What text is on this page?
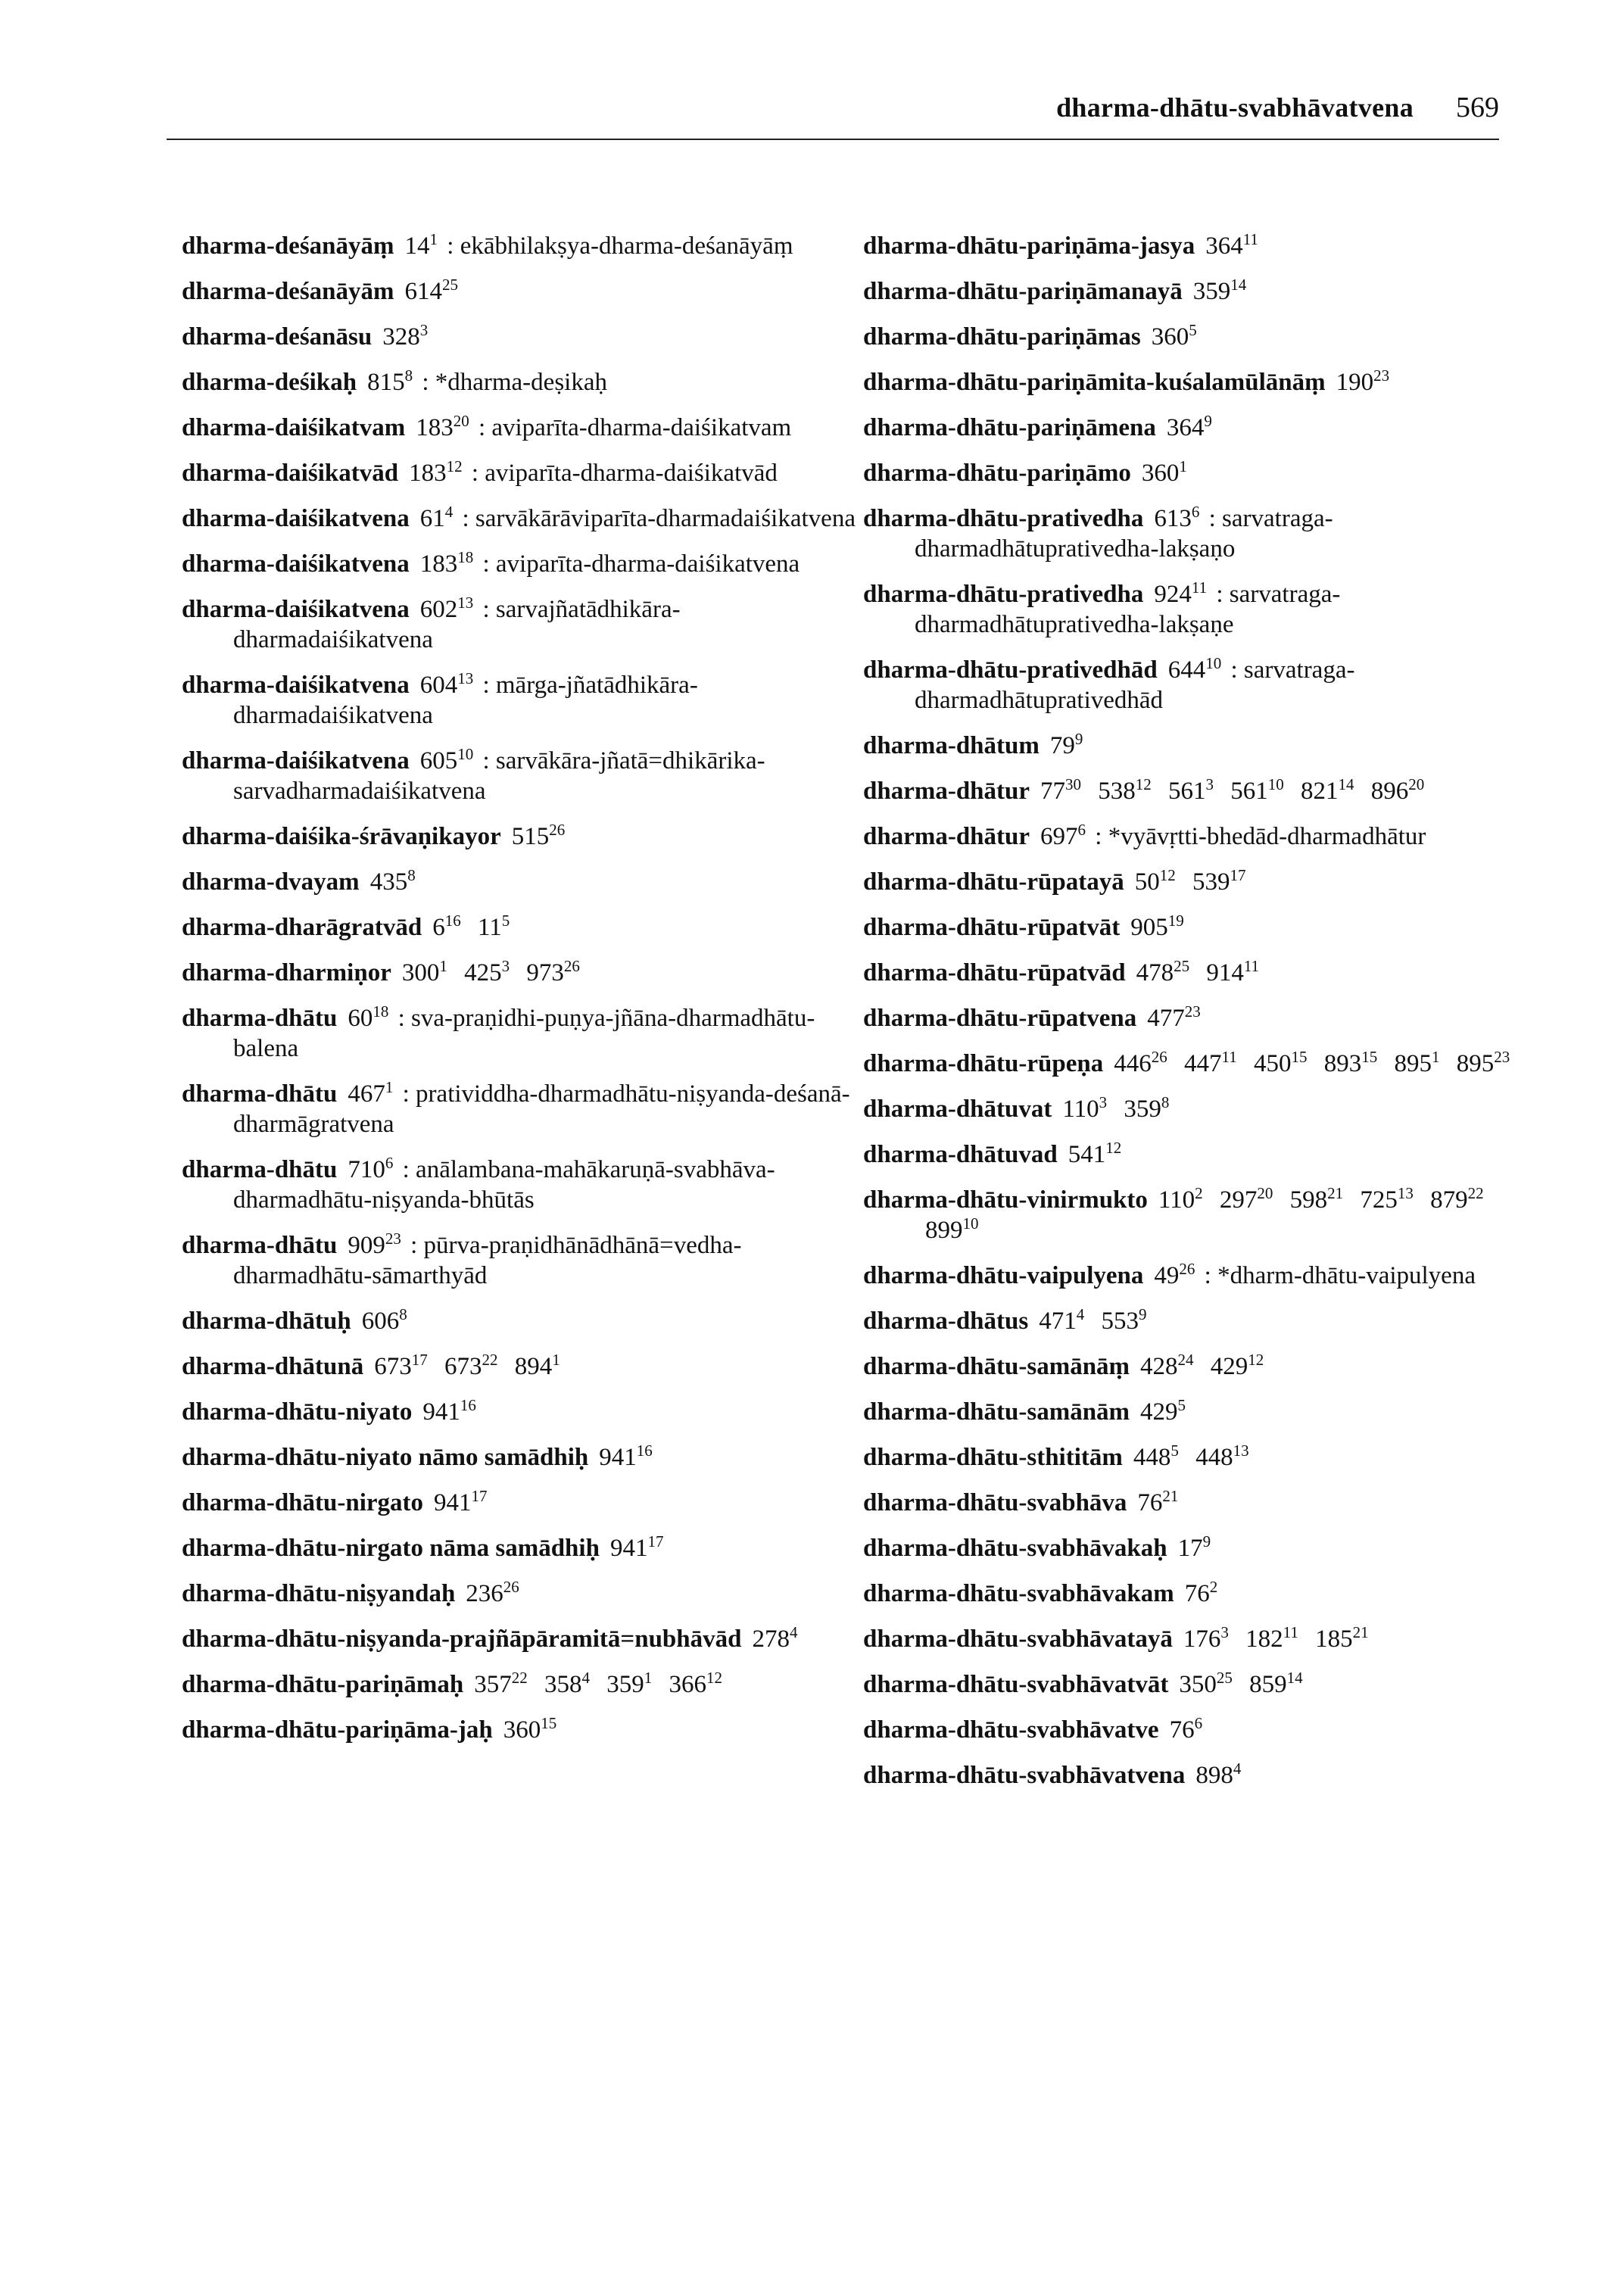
dharma-dhātu-svabhāvatvena 569
dharma-deśanāyāṃ $14^1$ : ekābhilakṣya-dharma-deśanāyāṃ
dharma-deśanāyām $614^{25}$
dharma-deśanāsu $328^3$
dharma-deśikaḥ $815^8$ : *dharma-deṣikaḥ
dharma-daiśikatvam $183^{20}$ : aviparīta-dharma-daiśikatvam
dharma-daiśikatvād $183^{12}$ : aviparīta-dharma-daiśikatvād
dharma-daiśikatvena $61^4$ : sarvākārāviparīta-dharmadaiśikatvena
dharma-daiśikatvena $183^{18}$ : aviparīta-dharma-daiśikatvena
dharma-daiśikatvena $602^{13}$ : sarvajñatādhikāra-dharmadaiśikatvena
dharma-daiśikatvena $604^{13}$ : mārga-jñatādhikāra-dharmadaiśikatvena
dharma-daiśikatvena $605^{10}$ : sarvākāra-jñatā=dhikārika-sarvadharmadaiśikatvena
dharma-daiśika-śrāvaṇikayor $515^{26}$
dharma-dvayam $435^8$
dharma-dharāgratvād $6^{16}$ $11^5$
dharma-dharmiṇor $300^1$ $425^3$ $973^{26}$
dharma-dhātu $60^{18}$ : sva-praṇidhi-puṇya-jñāna-dharmadhātu-balena
dharma-dhātu $467^1$ : pratividdha-dharmadhātu-niṣyanda-deśanā-dharmāgratvena
dharma-dhātu $710^6$ : anālambana-mahākaruṇā-svabhāva-dharmadhātu-niṣyanda-bhūtās
dharma-dhātu $909^{23}$ : pūrva-praṇidhānādhānā=vedha-dharmadhātu-sāmarthyād
dharma-dhātuḥ $606^8$
dharma-dhātunā $673^{17}$ $673^{22}$ $894^1$
dharma-dhātu-niyato $941^{16}$
dharma-dhātu-niyato nāmo samādhiḥ $941^{16}$
dharma-dhātu-nirgato $941^{17}$
dharma-dhātu-nirgato nāma samādhiḥ $941^{17}$
dharma-dhātu-niṣyandaḥ $236^{26}$
dharma-dhātu-niṣyanda-prajñāpāramitā=nubhāvād $278^4$
dharma-dhātu-pariṇāmaḥ $357^{22}$ $358^4$ $359^1$ $366^{12}$
dharma-dhātu-pariṇāma-jaḥ $360^{15}$
dharma-dhātu-pariṇāma-jasya $364^{11}$
dharma-dhātu-pariṇāmanayā $359^{14}$
dharma-dhātu-pariṇāmas $360^5$
dharma-dhātu-pariṇāmita-kuśalamūlānāṃ $190^{23}$
dharma-dhātu-pariṇāmena $364^9$
dharma-dhātu-pariṇāmo $360^1$
dharma-dhātu-prativedha $613^6$ : sarvatraga-dharmadhātuprativedha-lakṣaṇo
dharma-dhātu-prativedha $924^{11}$ : sarvatraga-dharmadhātuprativedha-lakṣaṇe
dharma-dhātu-prativedhād $644^{10}$ : sarvatraga-dharmadhātuprativedhād
dharma-dhātum $79^9$
dharma-dhātur $77^{30}$ $538^{12}$ $561^3$ $561^{10}$ $821^{14}$ $896^{20}$
dharma-dhātur $697^6$ : *vyāvṛtti-bhedād-dharmadhātur
dharma-dhātu-rūpatayā $50^{12}$ $539^{17}$
dharma-dhātu-rūpatvāt $905^{19}$
dharma-dhātu-rūpatvād $478^{25}$ $914^{11}$
dharma-dhātu-rūpatvena $477^{23}$
dharma-dhātu-rūpeṇa $446^{26}$ $447^{11}$ $450^{15}$ $893^{15}$ $895^1$ $895^{23}$
dharma-dhātuvat $110^3$ $359^8$
dharma-dhātuvad $541^{12}$
dharma-dhātu-vinirmukto $110^2$ $297^{20}$ $598^{21}$ $725^{13}$ $879^{22}$ $899^{10}$
dharma-dhātu-vaipulyena $49^{26}$ : *dharm-dhātu-vaipulyena
dharma-dhātus $471^4$ $553^9$
dharma-dhātu-samānāṃ $428^{24}$ $429^{12}$
dharma-dhātu-samānām $429^5$
dharma-dhātu-sthititām $448^5$ $448^{13}$
dharma-dhātu-svabhāva $76^{21}$
dharma-dhātu-svabhāvakaḥ $17^9$
dharma-dhātu-svabhāvakam $76^2$
dharma-dhātu-svabhāvatayā $176^3$ $182^{11}$ $185^{21}$
dharma-dhātu-svabhāvatvāt $350^{25}$ $859^{14}$
dharma-dhātu-svabhāvatve $76^6$
dharma-dhātu-svabhāvatvena $898^4$
